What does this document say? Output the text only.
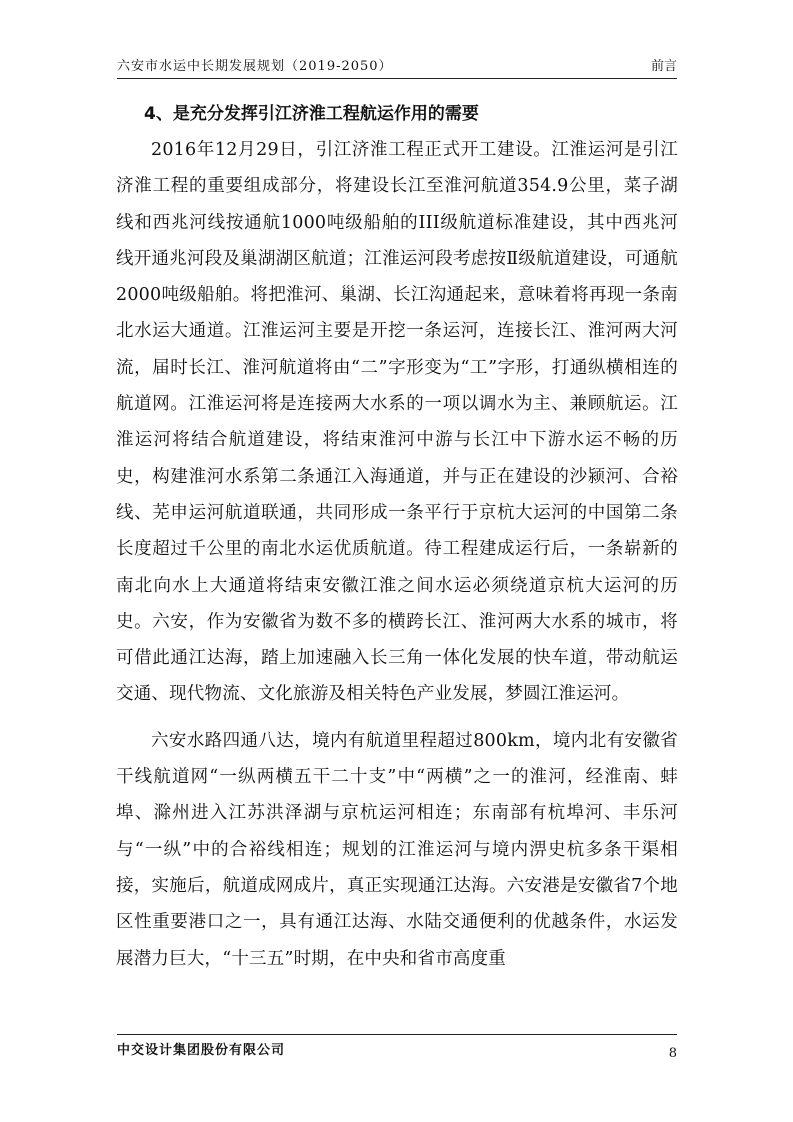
六安市水运中长期发展规划（2019-2050）	前言
4、是充分发挥引江济淮工程航运作用的需要

2016年12月29日，引江济淮工程正式开工建设。江淮运河是引江济淮工程的重要组成部分，将建设长江至淮河航道354.9公里，菜子湖线和西兆河线按通航1000吨级船舶的III级航道标准建设，其中西兆河线开通兆河段及巢湖湖区航道；江淮运河段考虑按Ⅱ级航道建设，可通航2000吨级船舶。将把淮河、巢湖、长江沟通起来，意味着将再现一条南北水运大通道。江淮运河主要是开挖一条运河，连接长江、淮河两大河流，届时长江、淮河航道将由“二”字形变为“工”字形，打通纵横相连的航道网。江淮运河将是连接两大水系的一项以调水为主、兼顾航运。江淮运河将结合航道建设，将结束淮河中游与长江中下游水运不畅的历史，构建淮河水系第二条通江入海通道，并与正在建设的沙颍河、合裕线、芜申运河航道联通，共同形成一条平行于京杭大运河的中国第二条长度超过千公里的南北水运优质航道。待工程建成运行后，一条崭新的南北向水上大通道将结束安徽江淮之间水运必须绕道京杭大运河的历史。六安，作为安徽省为数不多的横跨长江、淮河两大水系的城市，将可借此通江达海，踏上加速融入长三角一体化发展的快车道，带动航运交通、现代物流、文化旅游及相关特色产业发展，梦圆江淮运河。

六安水路四通八达，境内有航道里程超过800km，境内北有安徽省干线航道网“一纵两横五干二十支”中“两横”之一的淮河，经淮南、蚌埠、滁州进入江苏洪泽湖与京杭运河相连；东南部有杭埠河、丰乐河与“一纵”中的合裕线相连；规划的江淮运河与境内淠史杭多条干渠相接，实施后，航道成网成片，真正实现通江达海。六安港是安徽省7个地区性重要港口之一，具有通江达海、水陆交通便利的优越条件，水运发展潜力巨大，“十三五”时期，在中央和省市高度重

中交设计集团股份有限公司	8
